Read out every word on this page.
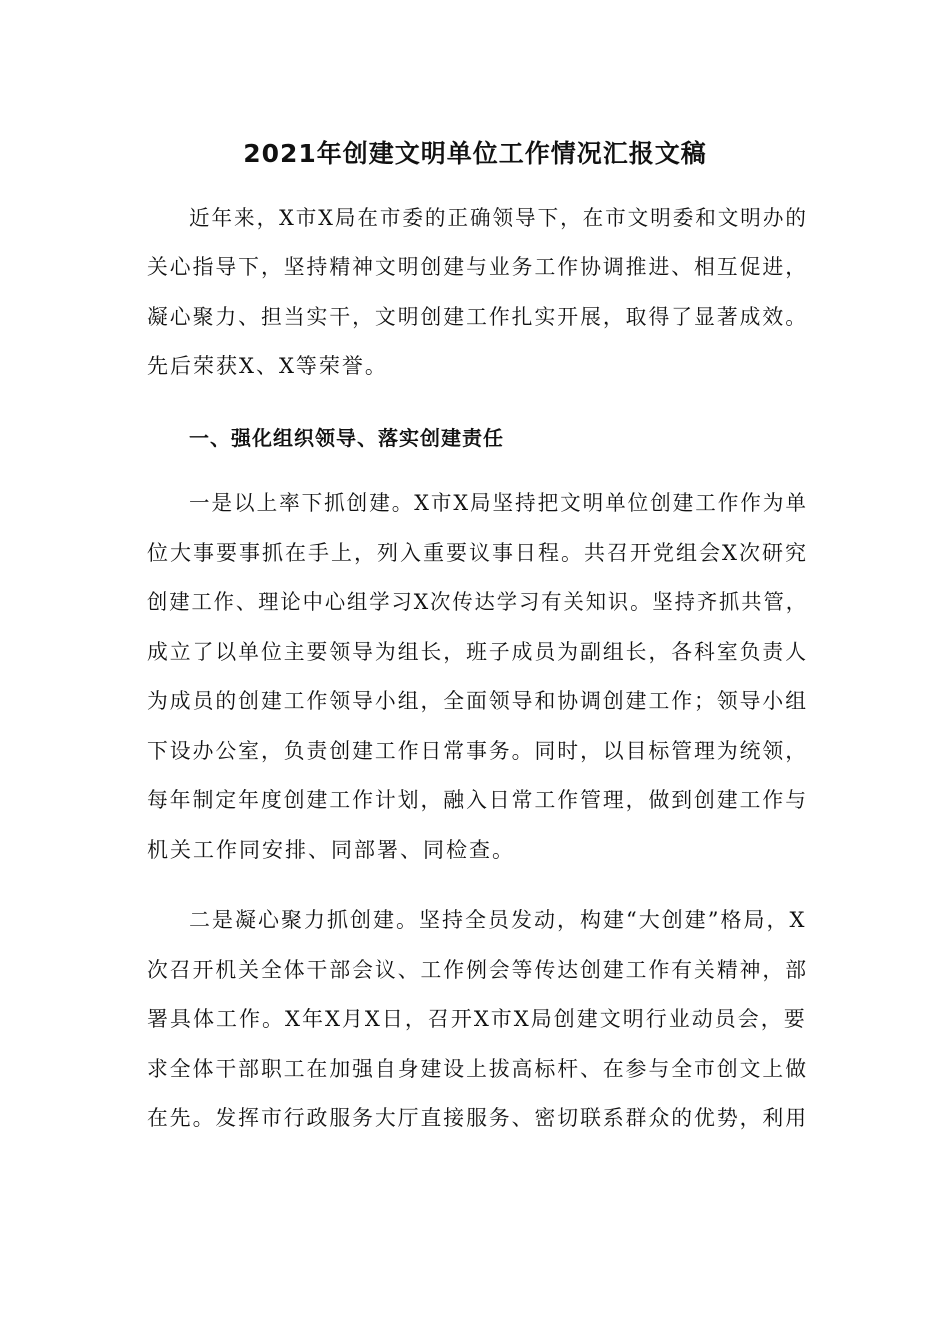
2021年创建文明单位工作情况汇报文稿
近年来，X市X局在市委的正确领导下，在市文明委和文明办的
关心指导下，坚持精神文明创建与业务工作协调推进、相互促进，
凝心聚力、担当实干，文明创建工作扎实开展，取得了显著成效。
先后荣获X、X等荣誉。
一、强化组织领导、落实创建责任
一是以上率下抓创建。X市X局坚持把文明单位创建工作作为单
位大事要事抓在手上，列入重要议事日程。共召开党组会X次研究
创建工作、理论中心组学习X次传达学习有关知识。坚持齐抓共管，
成立了以单位主要领导为组长，班子成员为副组长，各科室负责人
为成员的创建工作领导小组，全面领导和协调创建工作；领导小组
下设办公室，负责创建工作日常事务。同时，以目标管理为统领，
每年制定年度创建工作计划，融入日常工作管理，做到创建工作与
机关工作同安排、同部署、同检查。
二是凝心聚力抓创建。坚持全员发动，构建“大创建”格局，X
次召开机关全体干部会议、工作例会等传达创建工作有关精神，部
署具体工作。X年X月X日，召开X市X局创建文明行业动员会，要
求全体干部职工在加强自身建设上拔高标杆、在参与全市创文上做
在先。发挥市行政服务大厅直接服务、密切联系群众的优势，利用
